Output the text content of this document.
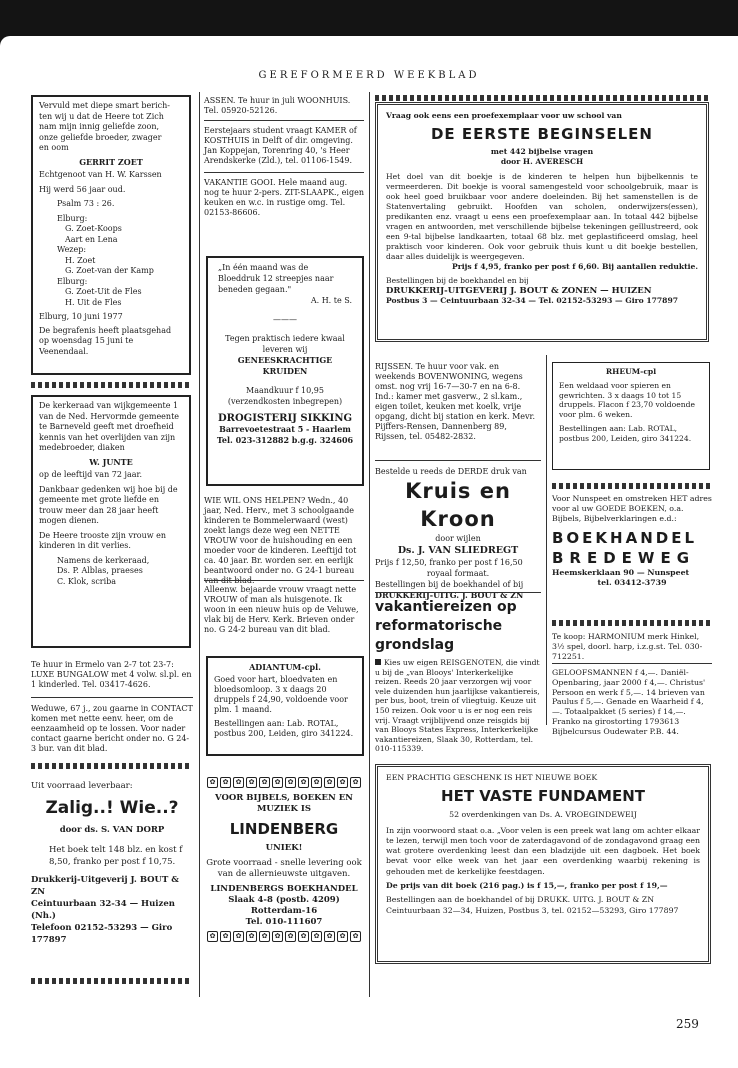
GEREFORMEERD WEEKBLAD

Vervuld met diepe smart berich-

ten wij u dat de Heere tot Zich

nam mijn innig geliefde zoon,

onze geliefde broeder, zwager

en oom

GERRIT ZOET

Echtgenoot van H. W. Karssen

Hij werd 56 jaar oud.

Psalm 73 : 26.

Elburg:

G. Zoet-Koops

Aart en Lena

Wezep:

H. Zoet

G. Zoet-van der Kamp

Elburg:

G. Zoet-Uit de Fles

H. Uit de Fles

Elburg, 10 juni 1977

De begrafenis heeft plaatsgehad op woensdag 15 juni te Veenendaal.

De kerkeraad van wijkgemeente 1 van de Ned. Hervormde gemeente te Barneveld geeft met droefheid kennis van het overlijden van zijn medebroeder, diaken

W. JUNTE

op de leeftijd van 72 jaar.

Dankbaar gedenken wij hoe bij de gemeente met grote liefde en trouw meer dan 28 jaar heeft mogen dienen.

De Heere trooste zijn vrouw en kinderen in dit verlies.

Namens de kerkeraad,

Ds. P. Alblas, praeses

C. Klok, scriba

Te huur in Ermelo van 2-7 tot 23-7: LUXE BUNGALOW met 4 volw. sl.pl. en 1 kinderled. Tel. 03417-4626.
Weduwe, 67 j., zou gaarne in CONTACT komen met nette eenv. heer, om de eenzaamheid op te lossen. Voor nader contact gaarne bericht onder no. G 24-3 bur. van dit blad.

Uit voorraad leverbaar:

Zalig..! Wie..?

door ds. S. VAN DORP

Het boek telt 148 blz. en kost f 8,50, franko per post f 10,75.

Drukkerij-Uitgeverij J. BOUT & ZN

Ceintuurbaan 32-34 — Huizen (Nh.)

Telefoon 02152-53293 — Giro 177897

ASSEN. Te huur in juli WOONHUIS. Tel. 05920-52126.
Eerstejaars student vraagt KAMER of KOSTHUIS in Delft of dir. omgeving. Jan Koppejan, Torenring 40, 's Heer Arendskerke (Zld.), tel. 01106-1549.
VAKANTIE GOOI. Hele maand aug. nog te huur 2-pers. ZIT-SLAAPK., eigen keuken en w.c. in rustige omg. Tel. 02153-86606.

„In één maand was de Bloeddruk 12 streepjes naar beneden gegaan."

A. H. te S.

———

Tegen praktisch iedere kwaal

leveren wij

GENEESKRACHTIGE

KRUIDEN

Maandkuur f 10,95

(verzendkosten inbegrepen)

DROGISTERIJ SIKKING

Barrevoetestraat 5 - Haarlem

Tel. 023-312882 b.g.g. 324606

WIE WIL ONS HELPEN? Wedn., 40 jaar, Ned. Herv., met 3 schoolgaande kinderen te Bommelerwaard (west) zoekt langs deze weg een NETTE VROUW voor de huishouding en een moeder voor de kinderen. Leeftijd tot ca. 40 jaar. Br. worden ser. en eerlijk beantwoord onder no. G 24-1 bureau van dit blad.
Alleenw. bejaarde vrouw vraagt nette VROUW of man als huisgenote. Ik woon in een nieuw huis op de Veluwe, vlak bij de Herv. Kerk. Brieven onder no. G 24-2 bureau van dit blad.

ADIANTUM-cpl.

Goed voor hart, bloedvaten en bloedsomloop. 3 x daags 20 druppels f 24,90, voldoende voor plm. 1 maand.

Bestellingen aan: Lab. ROTAL, postbus 200, Leiden, giro 341224.

✿	✿	✿	✿	✿	✿	✿	✿	✿	✿	✿	✿

VOOR BIJBELS, BOEKEN EN

MUZIEK IS

LINDENBERG

UNIEK!

Grote voorraad - snelle levering ook van de allernieuwste uitgaven.

LINDENBERGS BOEKHANDEL

Slaak 4-8 (postb. 4209) Rotterdam-16

Tel. 010-111607

✿	✿	✿	✿	✿	✿	✿	✿	✿	✿	✿	✿

Vraag ook eens een proefexemplaar voor uw school van

DE EERSTE BEGINSELEN

met 442 bijbelse vragen

door H. AVERESCH

Het doel van dit boekje is de kinderen te helpen hun bijbelkennis te vermeerderen. Dit boekje is vooral samengesteld voor schoolgebruik, maar is ook heel goed bruikbaar voor andere doeleinden. Bij het samenstellen is de Statenvertaling gebruikt. Hoofden van scholen, onderwijzers(essen), predikanten enz. vraagt u eens een proefexemplaar aan. In totaal 442 bijbelse vragen en antwoorden, met verschillende bijbelse tekeningen geïllustreerd, ook een 9-tal bijbelse landkaarten, totaal 68 blz. met geplastificeerd omslag, heel praktisch voor kinderen. Ook voor gebruik thuis kunt u dit boekje bestellen, daar alles duidelijk is weergegeven.

Prijs f 4,95, franko per post f 6,60. Bij aantallen reduktie.

Bestellingen bij de boekhandel en bij

DRUKKERIJ-UITGEVERIJ J. BOUT & ZONEN — HUIZEN

Postbus 3 — Ceintuurbaan 32-34 — Tel. 02152-53293 — Giro 177897

RIJSSEN. Te huur voor vak. en weekends BOVENWONING, wegens omst. nog vrij 16-7—30-7 en na 6-8. Ind.: kamer met gasverw., 2 sl.kam., eigen toilet, keuken met koelk, vrije opgang, dicht bij station en kerk. Mevr. Pijffers-Rensen, Dannenberg 89, Rijssen, tel. 05482-2832.

Bestelde u reeds de DERDE druk van

Kruis en Kroon

door wijlen

Ds. J. VAN SLIEDREGT

Prijs f 12,50, franko per post f 16,50

royaal formaat.

Bestellingen bij de boekhandel of bij

DRUKKERIJ-UITG. J. BOUT & ZN

vakantiereizen op reformatorische grondslag

Kies uw eigen REISGENOTEN, die vindt u bij de „van Blooys' Interkerkelijke reizen. Reeds 20 jaar verzorgen wij voor vele duizenden hun jaarlijkse vakantiereis, per bus, boot, trein of vliegtuig. Keuze uit 150 reizen. Ook voor u is er nog een reis vrij. Vraagt vrijblijvend onze reisgids bij van Blooys States Express, Interkerkelijke vakantiereizen, Slaak 30, Rotterdam, tel. 010-115339.

RHEUM-cpl

Een weldaad voor spieren en gewrichten. 3 x daags 10 tot 15 druppels. Flacon f 23,70 voldoende voor plm. 6 weken.

Bestellingen aan: Lab. ROTAL, postbus 200, Leiden, giro 341224.

Voor Nunspeet en omstreken HET adres voor al uw GOEDE BOEKEN, o.a. Bijbels, Bijbelverklaringen e.d.:

BOEKHANDEL

BREDEWEG

Heemskerklaan 90 — Nunspeet

tel. 03412-3739

Te koop: HARMONIUM merk Hinkel, 3½ spel, doorl. harp, i.z.g.st. Tel. 030-712251.
GELOOFSMANNEN f 4,—. Daniël-Openbaring, jaar 2000 f 4,—. Christus' Persoon en werk f 5,—. 14 brieven van Paulus f 5,—. Genade en Waarheid f 4,—. Totaalpakket (5 series) f 14,—. Franko na girostorting 1793613 Bijbelcursus Oudewater P.B. 44.

EEN PRACHTIG GESCHENK IS HET NIEUWE BOEK

HET VASTE FUNDAMENT

52 overdenkingen van Ds. A. VROEGINDEWEIJ

In zijn voorwoord staat o.a. „Voor velen is een preek wat lang om achter elkaar te lezen, terwijl men toch voor de zaterdagavond of de zondagavond graag een wat grotere overdenking leest dan een bladzijde uit een dagboek. Het boek bevat voor elke week van het jaar een overdenking waarbij rekening is gehouden met de kerkelijke feestdagen.

De prijs van dit boek (216 pag.) is f 15,—, franko per post f 19,—

Bestellingen aan de boekhandel of bij DRUKK. UITG. J. BOUT & ZN Ceintuurbaan 32—34, Huizen, Postbus 3, tel. 02152—53293, Giro 177897

259
